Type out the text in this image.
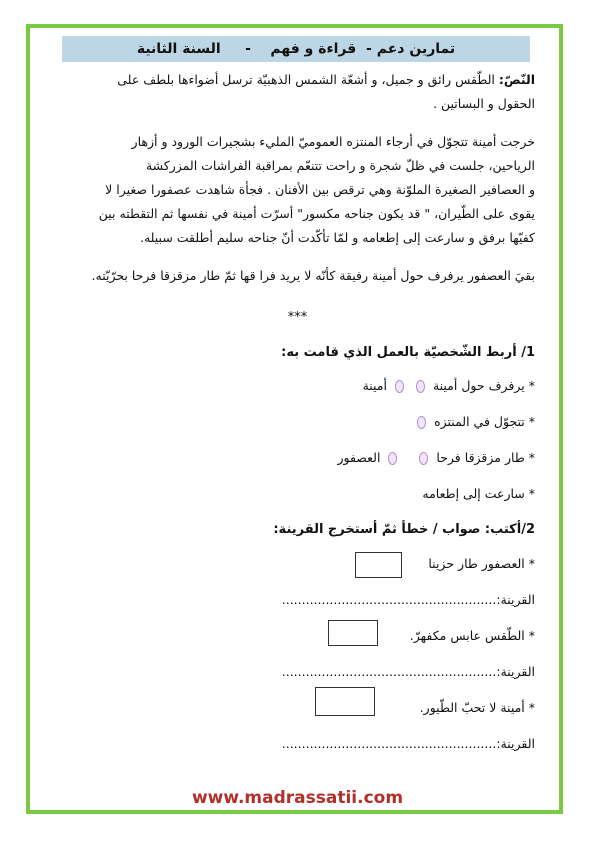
تمارين دعم -  قراءة و فهم    -     السنة الثانية
النّصّ: الطّقس رائق و جميل، و أشعّة الشمس الذهبيّة ترسل أضواءها بلطف على
الحقول و البساتين .
خرجت أمينة تتجوّل في أرجاء المنتزه العموميّ المليء بشجيرات الورود و أزهار
الرياحين، جلست في ظلّ شجرة و راحت تتنعّم بمراقبة الفراشات المزركشة
و العصافير الصغيرة الملوّنة وهي ترقص بين الأفنان . فجأة شاهدت عصفورا صغيرا لا
يقوى على الطّيران، " قد يكون جناحه مكسور" أسرّت أمينة في نفسها ثم التقطته بين
كفيّها برفق و سارعت إلى إطعامه و لمّا تأكّدت أنّ جناحه سليم أطلقت سبيله.
بقيَ العصفور يرفرف حول أمينة رفيقة كأنّه لا يريد فرا قها ثمّ طار مزقزقا فرحا بحرّيّته.
***
1/ أربط الشّخصيّة بالعمل الذي قامت به:
* يرفرف حول أمينة   أمينة
* تتجوّل في المنتزه
* طار مزقزقا فرحا   العصفور
* سارعت إلى إطعامه
2/أكتب: صواب / خطأ ثمّ أستخرج القرينة:
* العصفور طار حزينا
القرينة:......................................................
* الطّقس عابس مكفهرّ.
القرينة:......................................................
* أمينة لا تحبّ الطّيور.
القرينة:......................................................
www.madrassatii.com
